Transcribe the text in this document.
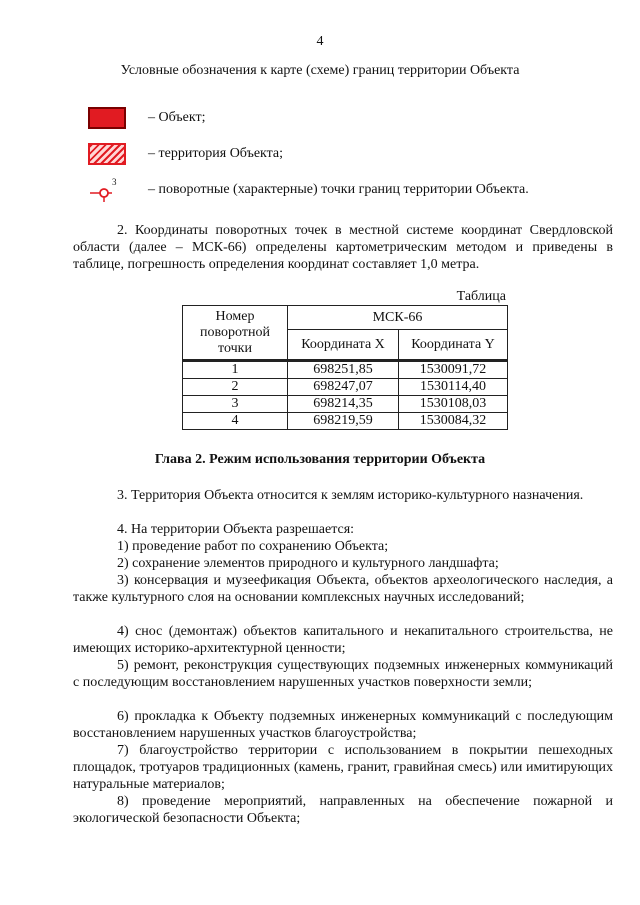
4
Условные обозначения к карте (схеме) границ территории Объекта
– Объект;
– территория Объекта;
3 – поворотные (характерные) точки границ территории Объекта.
2. Координаты поворотных точек в местной системе координат Свердловской области (далее – МСК-66) определены картометрическим методом и приведены в таблице, погрешность определения координат составляет 1,0 метра.
Таблица
Номер поворотной точки	МСК-66	
	Координата X	Координата Y

1	698251,85	1530091,72
2	698247,07	1530114,40
3	698214,35	1530108,03
4	698219,59	1530084,32
Глава 2. Режим использования территории Объекта
3. Территория Объекта относится к землям историко-культурного назначения.
4. На территории Объекта разрешается:
1) проведение работ по сохранению Объекта;
2) сохранение элементов природного и культурного ландшафта;
3) консервация и музеефикация Объекта, объектов археологического наследия, а также культурного слоя на основании комплексных научных исследований;
4) снос (демонтаж) объектов капитального и некапитального строительства, не имеющих историко-архитектурной ценности;
5) ремонт, реконструкция существующих подземных инженерных коммуникаций с последующим восстановлением нарушенных участков поверхности земли;
6) прокладка к Объекту подземных инженерных коммуникаций с последующим восстановлением нарушенных участков благоустройства;
7) благоустройство территории с использованием в покрытии пешеходных площадок, тротуаров традиционных (камень, гранит, гравийная смесь) или имитирующих натуральные материалов;
8) проведение мероприятий, направленных на обеспечение пожарной и экологической безопасности Объекта;
